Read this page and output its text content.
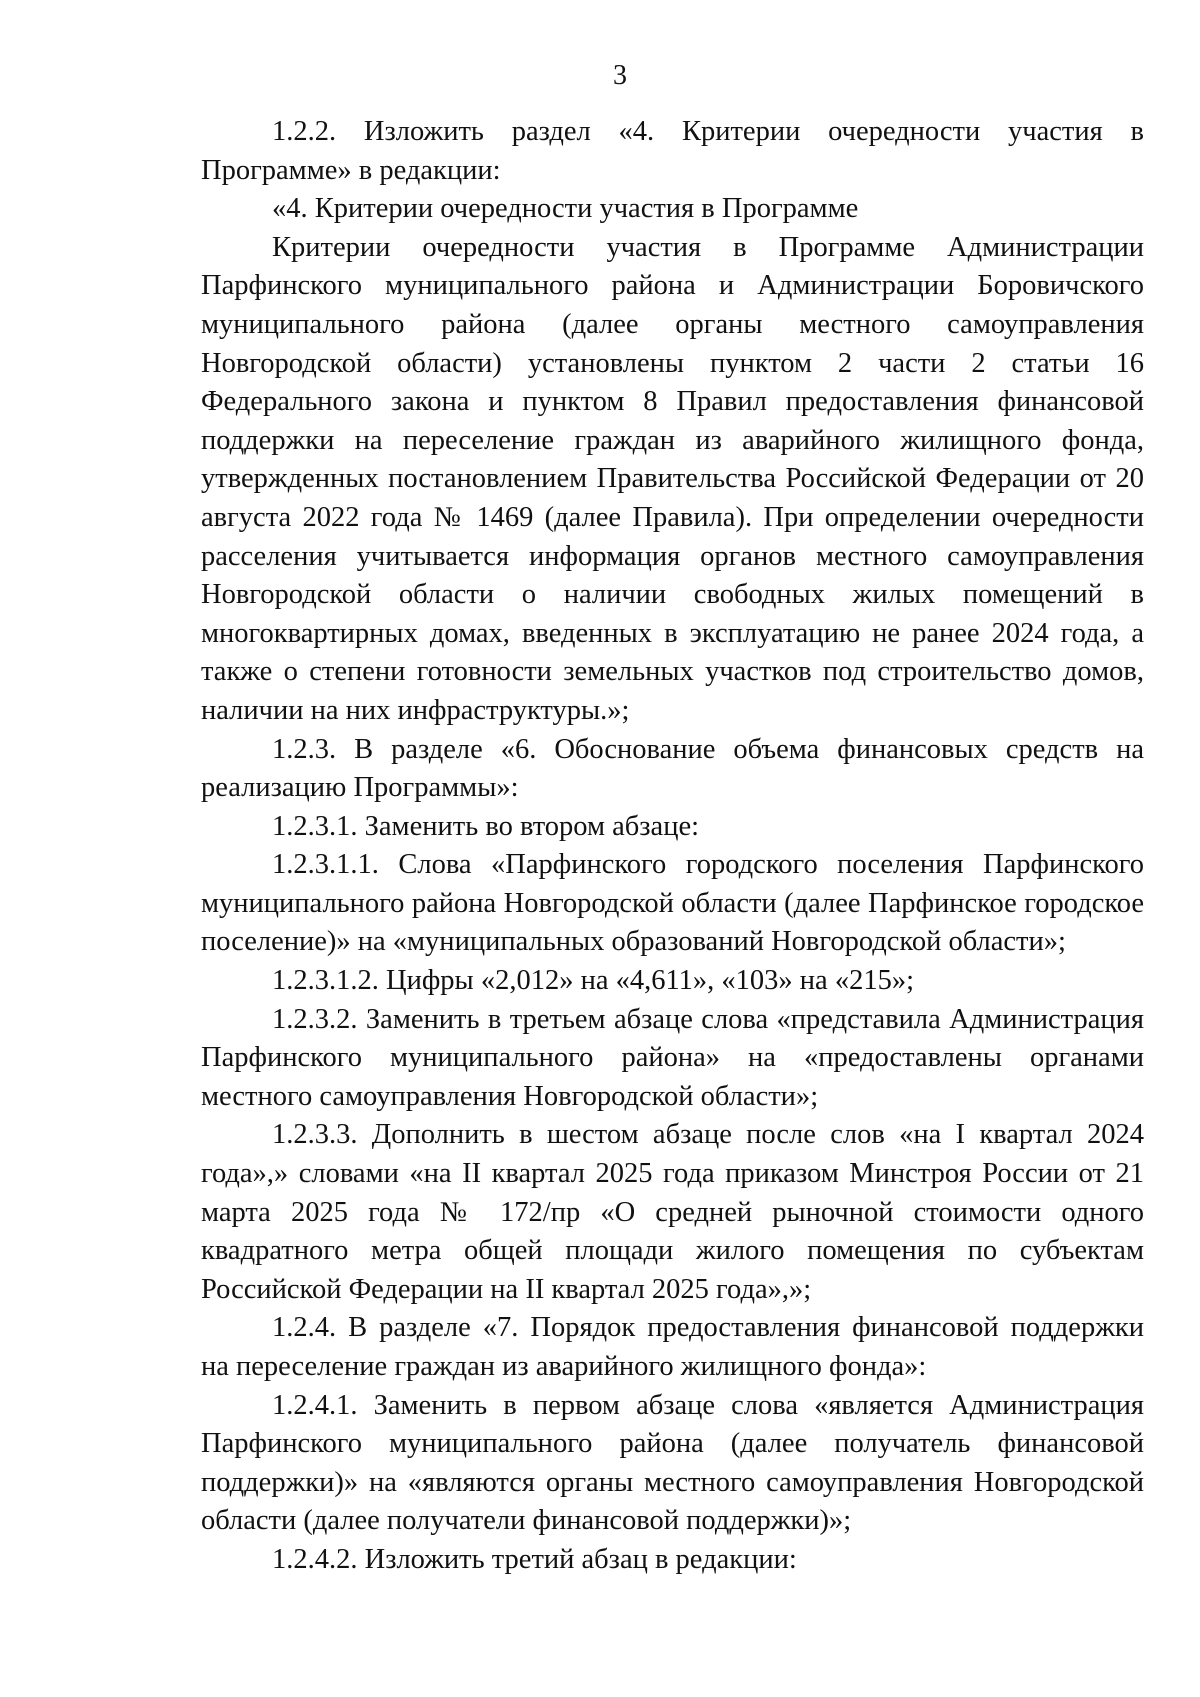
3

1.2.2. Изложить раздел «4. Критерии очередности участия в Программе» в редакции:

«4. Критерии очередности участия в Программе

Критерии очередности участия в Программе Администрации Парфинского муниципального района и Администрации Боровичского муниципального района (далее органы местного самоуправления Новгородской области) установлены пунктом 2 части 2 статьи 16 Федерального закона и пунктом 8 Правил предоставления финансовой поддержки на переселение граждан из аварийного жилищного фонда, утвержденных постановлением Правительства Российской Федерации от 20 августа 2022 года № 1469 (далее Правила). При определении очередности расселения учитывается информация органов местного самоуправления Новгородской области о наличии свободных жилых помещений в многоквартирных домах, введенных в эксплуатацию не ранее 2024 года, а также о степени готовности земельных участков под строительство домов, наличии на них инфраструктуры.»;

1.2.3. В разделе «6. Обоснование объема финансовых средств на реализацию Программы»:

1.2.3.1. Заменить во втором абзаце:

1.2.3.1.1. Слова «Парфинского городского поселения Парфинского муниципального района Новгородской области (далее Парфинское городское поселение)» на «муниципальных образований Новгородской области»;

1.2.3.1.2. Цифры «2,012» на «4,611», «103» на «215»;

1.2.3.2. Заменить в третьем абзаце слова «представила Администрация Парфинского муниципального района» на «предоставлены органами местного самоуправления Новгородской области»;

1.2.3.3. Дополнить в шестом абзаце после слов «на I квартал 2024 года»,» словами «на II квартал 2025 года приказом Минстроя России от 21 марта 2025 года № 172/пр «О средней рыночной стоимости одного квадратного метра общей площади жилого помещения по субъектам Российской Федерации на II квартал 2025 года»,»;

1.2.4. В разделе «7. Порядок предоставления финансовой поддержки на переселение граждан из аварийного жилищного фонда»:

1.2.4.1. Заменить в первом абзаце слова «является Администрация Парфинского муниципального района (далее получатель финансовой поддержки)» на «являются органы местного самоуправления Новгородской области (далее получатели финансовой поддержки)»;

1.2.4.2. Изложить третий абзац в редакции:
